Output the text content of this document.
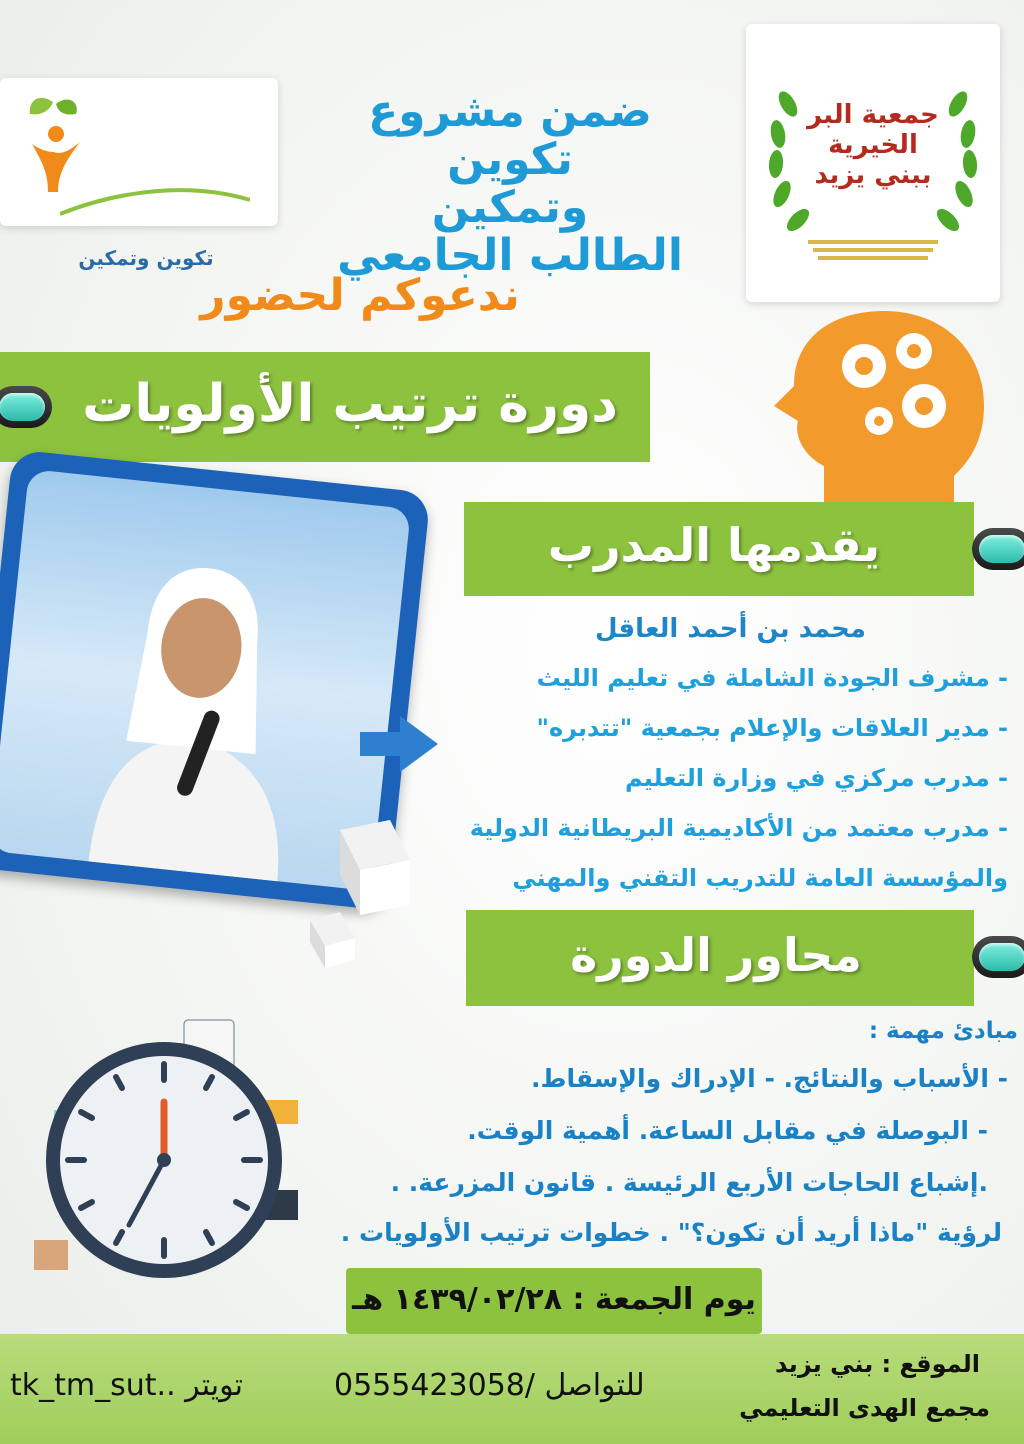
تكوين وتمكين
جمعية البر الخيرية ببني يزيد
ضمن مشروع تكوين
وتمكين
الطالب الجامعي
ندعوكم لحضور
دورة ترتيب الأولويات
يقدمها المدرب
محمد بن أحمد العاقل
- مشرف الجودة الشاملة في تعليم الليث
- مدير العلاقات والإعلام بجمعية "تتدبره"
- مدرب مركزي في وزارة التعليم
- مدرب معتمد من الأكاديمية البريطانية الدولية
والمؤسسة العامة للتدريب التقني والمهني
محاور الدورة
مبادئ مهمة :
- الأسباب والنتائج. - الإدراك والإسقاط.
- البوصلة في مقابل الساعة. أهمية الوقت.
.إشباع الحاجات الأربع الرئيسة . قانون المزرعة. .
لرؤية "ماذا أريد أن تكون؟" . خطوات ترتيب الأولويات .
يوم الجمعة : ١٤٣٩/٠٢/٢٨ هـ
tk_tm_sut.. تويتر	0555423058/ للتواصل
الموقع : بني يزيد
مجمع الهدى التعليمي
